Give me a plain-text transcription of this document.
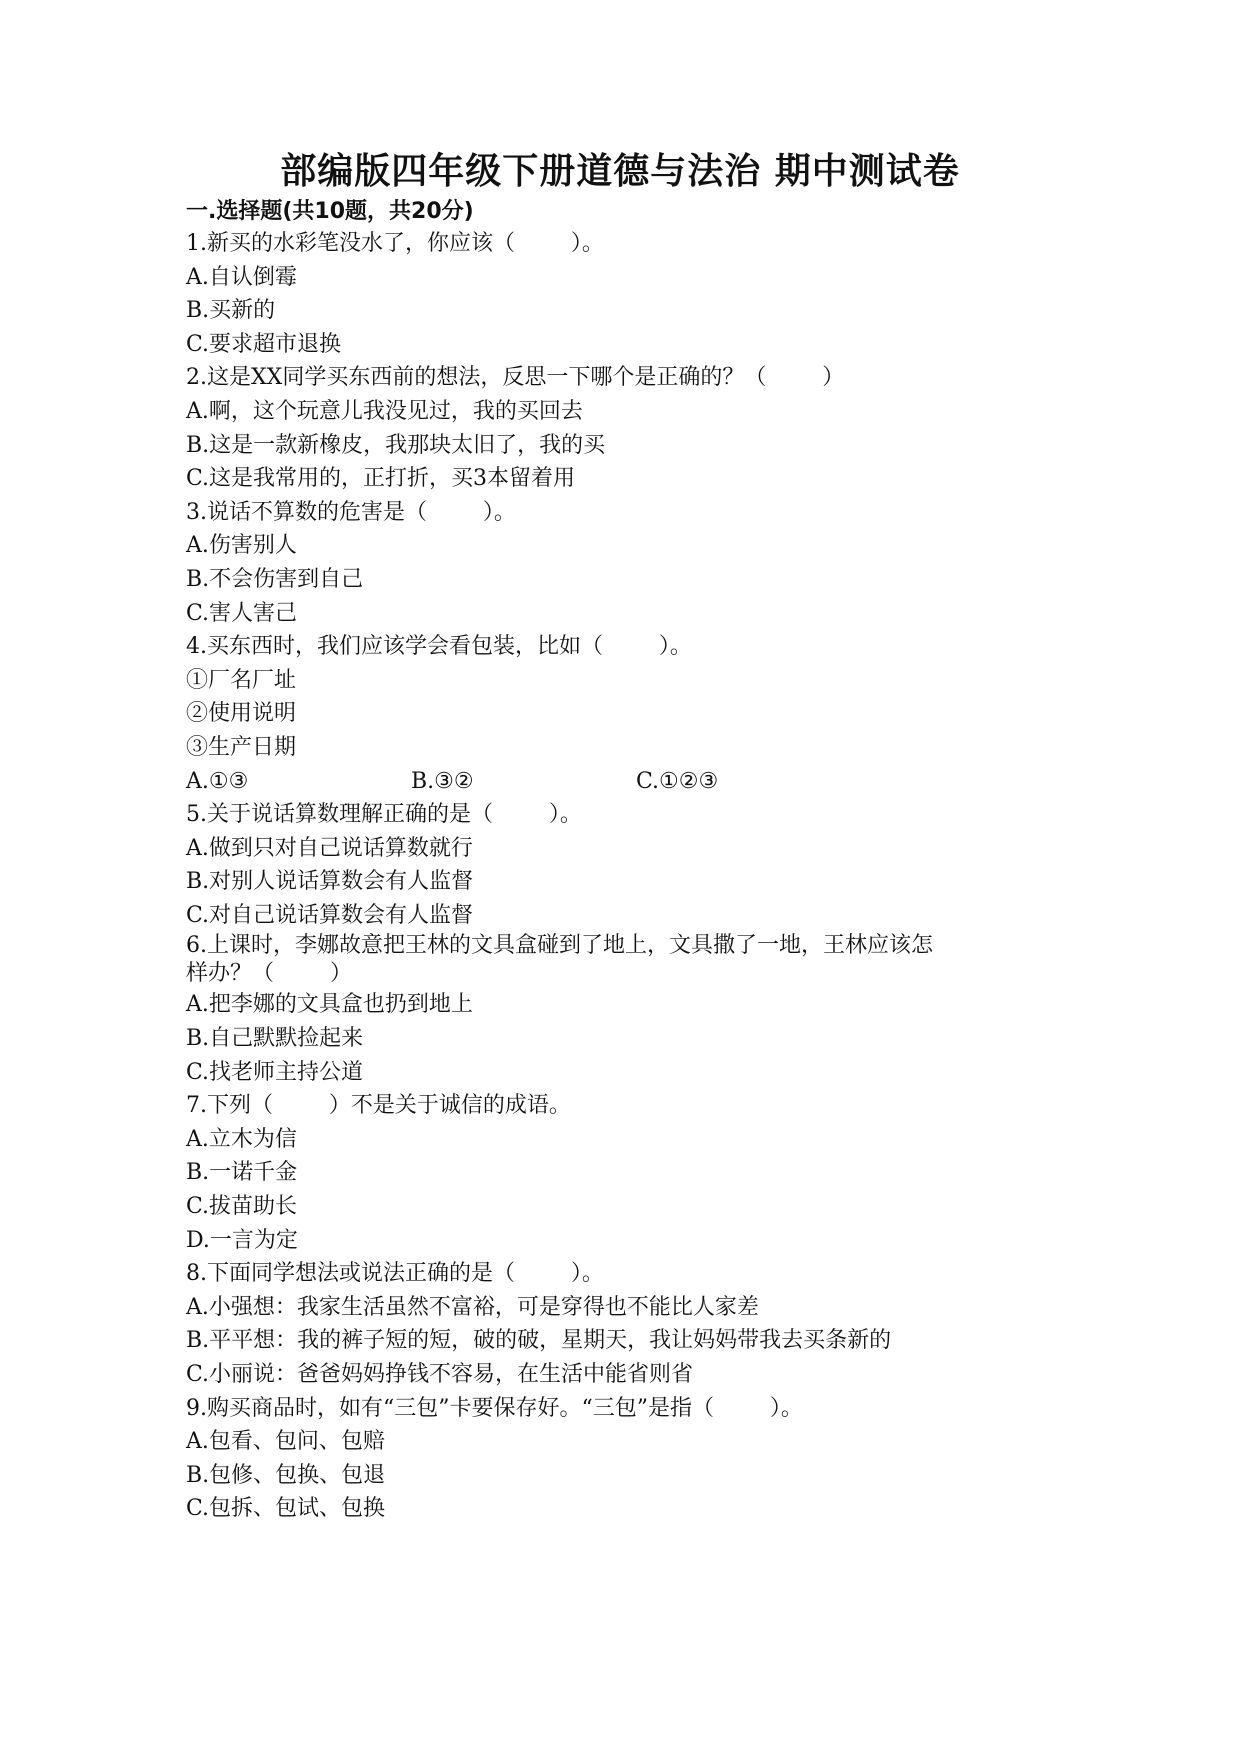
部编版四年级下册道德与法治 期中测试卷
一.选择题(共10题，共20分)
1.新买的水彩笔没水了，你应该（        ）。
A.自认倒霉
B.买新的
C.要求超市退换
2.这是XX同学买东西前的想法，反思一下哪个是正确的？（        ）
A.啊，这个玩意儿我没见过，我的买回去
B.这是一款新橡皮，我那块太旧了，我的买
C.这是我常用的，正打折，买3本留着用
3.说话不算数的危害是（        ）。
A.伤害别人
B.不会伤害到自己
C.害人害己
4.买东西时，我们应该学会看包装，比如（        ）。
①厂名厂址
②使用说明
③生产日期
A.①③	B.③②	C.①②③
5.关于说话算数理解正确的是（        ）。
A.做到只对自己说话算数就行
B.对别人说话算数会有人监督
C.对自己说话算数会有人监督
6.上课时，李娜故意把王林的文具盒碰到了地上，文具撒了一地，王林应该怎
样办？（        ）
A.把李娜的文具盒也扔到地上
B.自己默默捡起来
C.找老师主持公道
7.下列（        ）不是关于诚信的成语。
A.立木为信
B.一诺千金
C.拔苗助长
D.一言为定
8.下面同学想法或说法正确的是（        ）。
A.小强想：我家生活虽然不富裕，可是穿得也不能比人家差
B.平平想：我的裤子短的短，破的破，星期天，我让妈妈带我去买条新的
C.小丽说：爸爸妈妈挣钱不容易，在生活中能省则省
9.购买商品时，如有“三包”卡要保存好。“三包”是指（        ）。
A.包看、包问、包赔
B.包修、包换、包退
C.包拆、包试、包换
